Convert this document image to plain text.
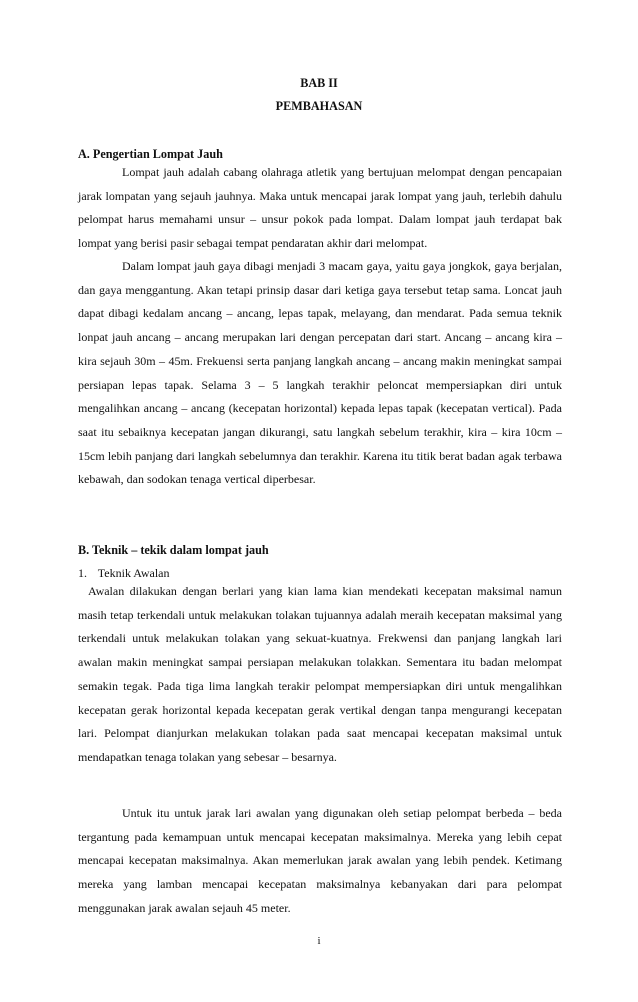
BAB II
PEMBAHASAN
A. Pengertian Lompat Jauh

Lompat jauh adalah cabang olahraga atletik yang bertujuan melompat dengan pencapaian jarak lompatan yang sejauh jauhnya. Maka untuk mencapai jarak lompat yang jauh, terlebih dahulu pelompat harus memahami unsur – unsur pokok pada lompat. Dalam lompat jauh terdapat bak lompat yang berisi pasir sebagai tempat pendaratan akhir dari melompat.

Dalam lompat jauh gaya dibagi menjadi 3 macam gaya, yaitu gaya jongkok, gaya berjalan, dan gaya menggantung. Akan tetapi prinsip dasar dari ketiga gaya tersebut tetap sama. Loncat jauh dapat dibagi kedalam ancang – ancang, lepas tapak, melayang, dan mendarat. Pada semua teknik lonpat jauh ancang – ancang merupakan lari dengan percepatan dari start. Ancang – ancang kira – kira sejauh 30m – 45m. Frekuensi serta panjang langkah ancang – ancang makin meningkat sampai persiapan lepas tapak. Selama 3 – 5 langkah terakhir peloncat mempersiapkan diri untuk mengalihkan ancang – ancang (kecepatan horizontal) kepada lepas tapak (kecepatan vertical). Pada saat itu sebaiknya kecepatan jangan dikurangi, satu langkah sebelum terakhir, kira – kira 10cm – 15cm lebih panjang dari langkah sebelumnya dan terakhir. Karena itu titik berat badan agak terbawa kebawah, dan sodokan tenaga vertical diperbesar.

B. Teknik – tekik dalam lompat jauh
1. Teknik Awalan

Awalan dilakukan dengan berlari yang kian lama kian mendekati kecepatan maksimal namun masih tetap terkendali untuk melakukan tolakan tujuannya adalah meraih kecepatan maksimal yang terkendali untuk melakukan tolakan yang sekuat-kuatnya. Frekwensi dan panjang langkah lari awalan makin meningkat sampai persiapan melakukan tolakkan. Sementara itu badan melompat semakin tegak. Pada tiga lima langkah terakir pelompat mempersiapkan diri untuk mengalihkan kecepatan gerak horizontal kepada kecepatan gerak vertikal dengan tanpa mengurangi kecepatan lari. Pelompat dianjurkan melakukan tolakan pada saat mencapai kecepatan maksimal untuk mendapatkan tenaga tolakan yang sebesar – besarnya.

Untuk itu untuk jarak lari awalan yang digunakan oleh setiap pelompat berbeda – beda tergantung pada kemampuan untuk mencapai kecepatan maksimalnya. Mereka yang lebih cepat mencapai kecepatan maksimalnya. Akan memerlukan jarak awalan yang lebih pendek. Ketimang mereka yang lamban mencapai kecepatan maksimalnya kebanyakan dari para pelompat menggunakan jarak awalan sejauh 45 meter.

i
